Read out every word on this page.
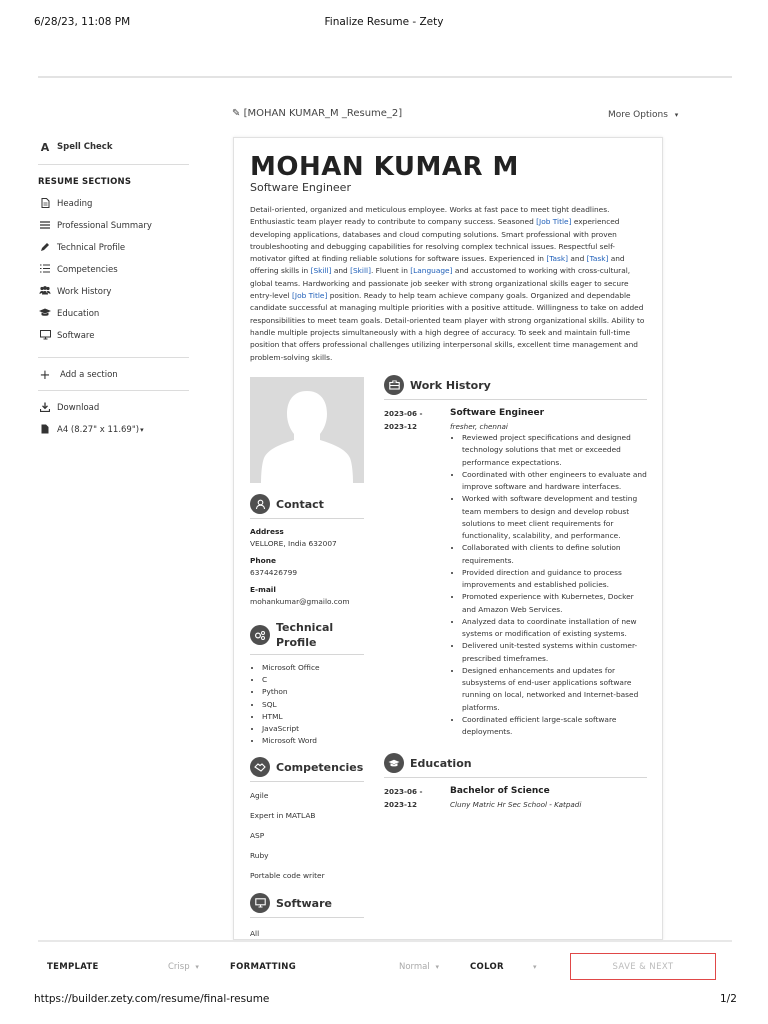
6/28/23, 11:08 PM	Finalize Resume - Zety
A Spell Check
RESUME SECTIONS
Heading
Professional Summary
Technical Profile
Competencies
Work History
Education
Software
+ Add a section
Download
A4 (8.27" x 11.69") ▾
✎ [MOHAN KUMAR_M _Resume_2]	More Options ▾
MOHAN KUMAR M
Software Engineer
Detail-oriented, organized and meticulous employee. Works at fast pace to meet tight deadlines. Enthusiastic team player ready to contribute to company success. Seasoned [Job Title] experienced developing applications, databases and cloud computing solutions. Smart professional with proven troubleshooting and debugging capabilities for resolving complex technical issues. Respectful self-motivator gifted at finding reliable solutions for software issues. Experienced in [Task] and [Task] and offering skills in [Skill] and [Skill]. Fluent in [Language] and accustomed to working with cross-cultural, global teams. Hardworking and passionate job seeker with strong organizational skills eager to secure entry-level [Job Title] position. Ready to help team achieve company goals. Organized and dependable candidate successful at managing multiple priorities with a positive attitude. Willingness to take on added responsibilities to meet team goals. Detail-oriented team player with strong organizational skills. Ability to handle multiple projects simultaneously with a high degree of accuracy. To seek and maintain full-time position that offers professional challenges utilizing interpersonal skills, excellent time management and problem-solving skills.
Contact
Address
VELLORE, India 632007
Phone
6374426799
E-mail
mohankumar@gmailo.com
Technical Profile
• Microsoft Office
• C
• Python
• SQL
• HTML
• JavaScript
• Microsoft Word
Competencies
Agile
Expert in MATLAB
ASP
Ruby
Portable code writer
Software
All
Work History
2023-06 -
2023-12
Software Engineer
fresher, chennai
• Reviewed project specifications and designed technology solutions that met or exceeded performance expectations.
• Coordinated with other engineers to evaluate and improve software and hardware interfaces.
• Worked with software development and testing team members to design and develop robust solutions to meet client requirements for functionality, scalability, and performance.
• Collaborated with clients to define solution requirements.
• Provided direction and guidance to process improvements and established policies.
• Promoted experience with Kubernetes, Docker and Amazon Web Services.
• Analyzed data to coordinate installation of new systems or modification of existing systems.
• Delivered unit-tested systems within customer-prescribed timeframes.
• Designed enhancements and updates for subsystems of end-user applications software running on local, networked and Internet-based platforms.
• Coordinated efficient large-scale software deployments.
Education
2023-06 -
2023-12
Bachelor of Science
Cluny Matric Hr Sec School - Katpadi
TEMPLATE	Crisp ▾	FORMATTING	Normal ▾	COLOR	▾	SAVE & NEXT
https://builder.zety.com/resume/final-resume	1/2
